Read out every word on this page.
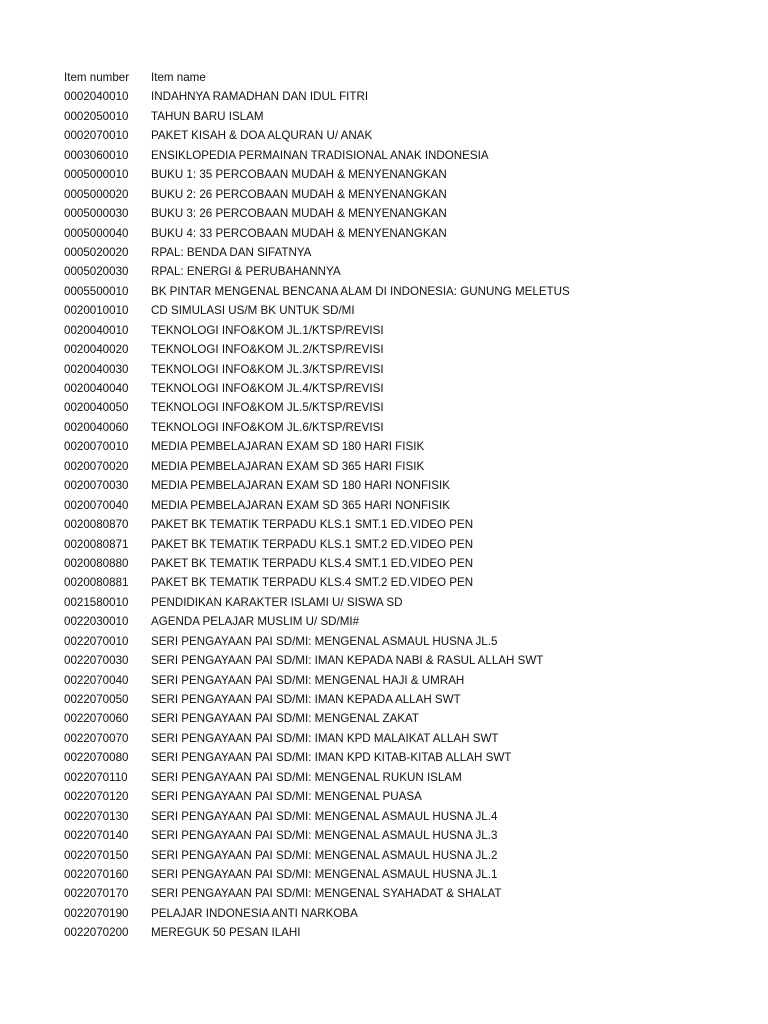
Item number	Item name
0002040010	INDAHNYA RAMADHAN DAN IDUL FITRI
0002050010	TAHUN BARU ISLAM
0002070010	PAKET KISAH & DOA ALQURAN U/ ANAK
0003060010	ENSIKLOPEDIA PERMAINAN TRADISIONAL ANAK INDONESIA
0005000010	BUKU 1: 35 PERCOBAAN MUDAH & MENYENANGKAN
0005000020	BUKU 2: 26 PERCOBAAN MUDAH & MENYENANGKAN
0005000030	BUKU 3: 26 PERCOBAAN MUDAH & MENYENANGKAN
0005000040	BUKU 4: 33 PERCOBAAN MUDAH & MENYENANGKAN
0005020020	RPAL: BENDA DAN SIFATNYA
0005020030	RPAL: ENERGI & PERUBAHANNYA
0005500010	BK PINTAR MENGENAL BENCANA ALAM DI INDONESIA: GUNUNG MELETUS
0020010010	CD SIMULASI US/M BK UNTUK SD/MI
0020040010	TEKNOLOGI INFO&KOM JL.1/KTSP/REVISI
0020040020	TEKNOLOGI INFO&KOM JL.2/KTSP/REVISI
0020040030	TEKNOLOGI INFO&KOM JL.3/KTSP/REVISI
0020040040	TEKNOLOGI INFO&KOM JL.4/KTSP/REVISI
0020040050	TEKNOLOGI INFO&KOM JL.5/KTSP/REVISI
0020040060	TEKNOLOGI INFO&KOM JL.6/KTSP/REVISI
0020070010	MEDIA PEMBELAJARAN EXAM SD 180 HARI FISIK
0020070020	MEDIA PEMBELAJARAN EXAM SD 365 HARI FISIK
0020070030	MEDIA PEMBELAJARAN EXAM SD 180 HARI NONFISIK
0020070040	MEDIA PEMBELAJARAN EXAM SD 365 HARI NONFISIK
0020080870	PAKET BK TEMATIK TERPADU KLS.1 SMT.1 ED.VIDEO PEN
0020080871	PAKET BK TEMATIK TERPADU KLS.1 SMT.2 ED.VIDEO PEN
0020080880	PAKET BK TEMATIK TERPADU KLS.4 SMT.1 ED.VIDEO PEN
0020080881	PAKET BK TEMATIK TERPADU KLS.4 SMT.2 ED.VIDEO PEN
0021580010	PENDIDIKAN KARAKTER ISLAMI U/ SISWA SD
0022030010	AGENDA PELAJAR MUSLIM U/ SD/MI#
0022070010	SERI PENGAYAAN PAI SD/MI: MENGENAL ASMAUL HUSNA JL.5
0022070030	SERI PENGAYAAN PAI SD/MI: IMAN KEPADA NABI & RASUL ALLAH SWT
0022070040	SERI PENGAYAAN PAI SD/MI: MENGENAL HAJI & UMRAH
0022070050	SERI PENGAYAAN PAI SD/MI: IMAN KEPADA ALLAH SWT
0022070060	SERI PENGAYAAN PAI SD/MI: MENGENAL ZAKAT
0022070070	SERI PENGAYAAN PAI SD/MI: IMAN KPD MALAIKAT ALLAH SWT
0022070080	SERI PENGAYAAN PAI SD/MI: IMAN KPD KITAB-KITAB ALLAH SWT
0022070110	SERI PENGAYAAN PAI SD/MI: MENGENAL RUKUN ISLAM
0022070120	SERI PENGAYAAN PAI SD/MI: MENGENAL PUASA
0022070130	SERI PENGAYAAN PAI SD/MI: MENGENAL ASMAUL HUSNA JL.4
0022070140	SERI PENGAYAAN PAI SD/MI: MENGENAL ASMAUL HUSNA JL.3
0022070150	SERI PENGAYAAN PAI SD/MI: MENGENAL ASMAUL HUSNA JL.2
0022070160	SERI PENGAYAAN PAI SD/MI: MENGENAL ASMAUL HUSNA JL.1
0022070170	SERI PENGAYAAN PAI SD/MI: MENGENAL SYAHADAT & SHALAT
0022070190	PELAJAR INDONESIA ANTI NARKOBA
0022070200	MEREGUK 50 PESAN ILAHI
